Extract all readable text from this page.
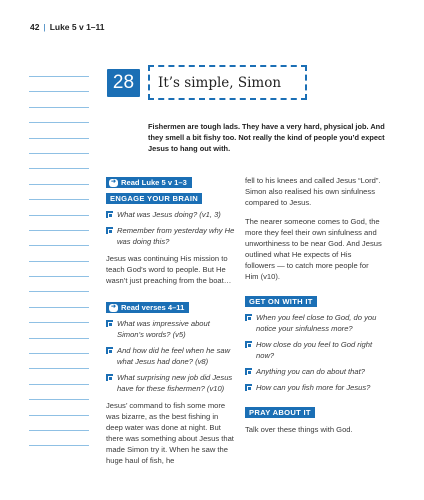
42 | Luke 5 v 1–11
28	It’s simple, Simon
Fishermen are tough lads. They have a very hard, physical job. And they smell a bit fishy too. Not really the kind of people you’d expect Jesus to hang out with.
➜ Read Luke 5 v 1–3
ENGAGE YOUR BRAIN
What was Jesus doing? (v1, 3)
Remember from yesterday why He was doing this?
Jesus was continuing His mission to teach God’s word to people. But He wasn’t just preaching from the boat…
➜ Read verses 4–11
What was impressive about Simon’s words? (v5)
And how did he feel when he saw what Jesus had done? (v8)
What surprising new job did Jesus have for these fishermen? (v10)
Jesus’ command to fish some more was bizarre, as the best fishing in deep water was done at night. But there was something about Jesus that made Simon try it. When he saw the huge haul of fish, he
fell to his knees and called Jesus “Lord”. Simon also realised his own sinfulness compared to Jesus.
The nearer someone comes to God, the more they feel their own sinfulness and unworthiness to be near God. And Jesus outlined what He expects of His followers — to catch more people for Him (v10).
GET ON WITH IT
When you feel close to God, do you notice your sinfulness more?
How close do you feel to God right now?
Anything you can do about that?
How can you fish more for Jesus?
PRAY ABOUT IT
Talk over these things with God.
